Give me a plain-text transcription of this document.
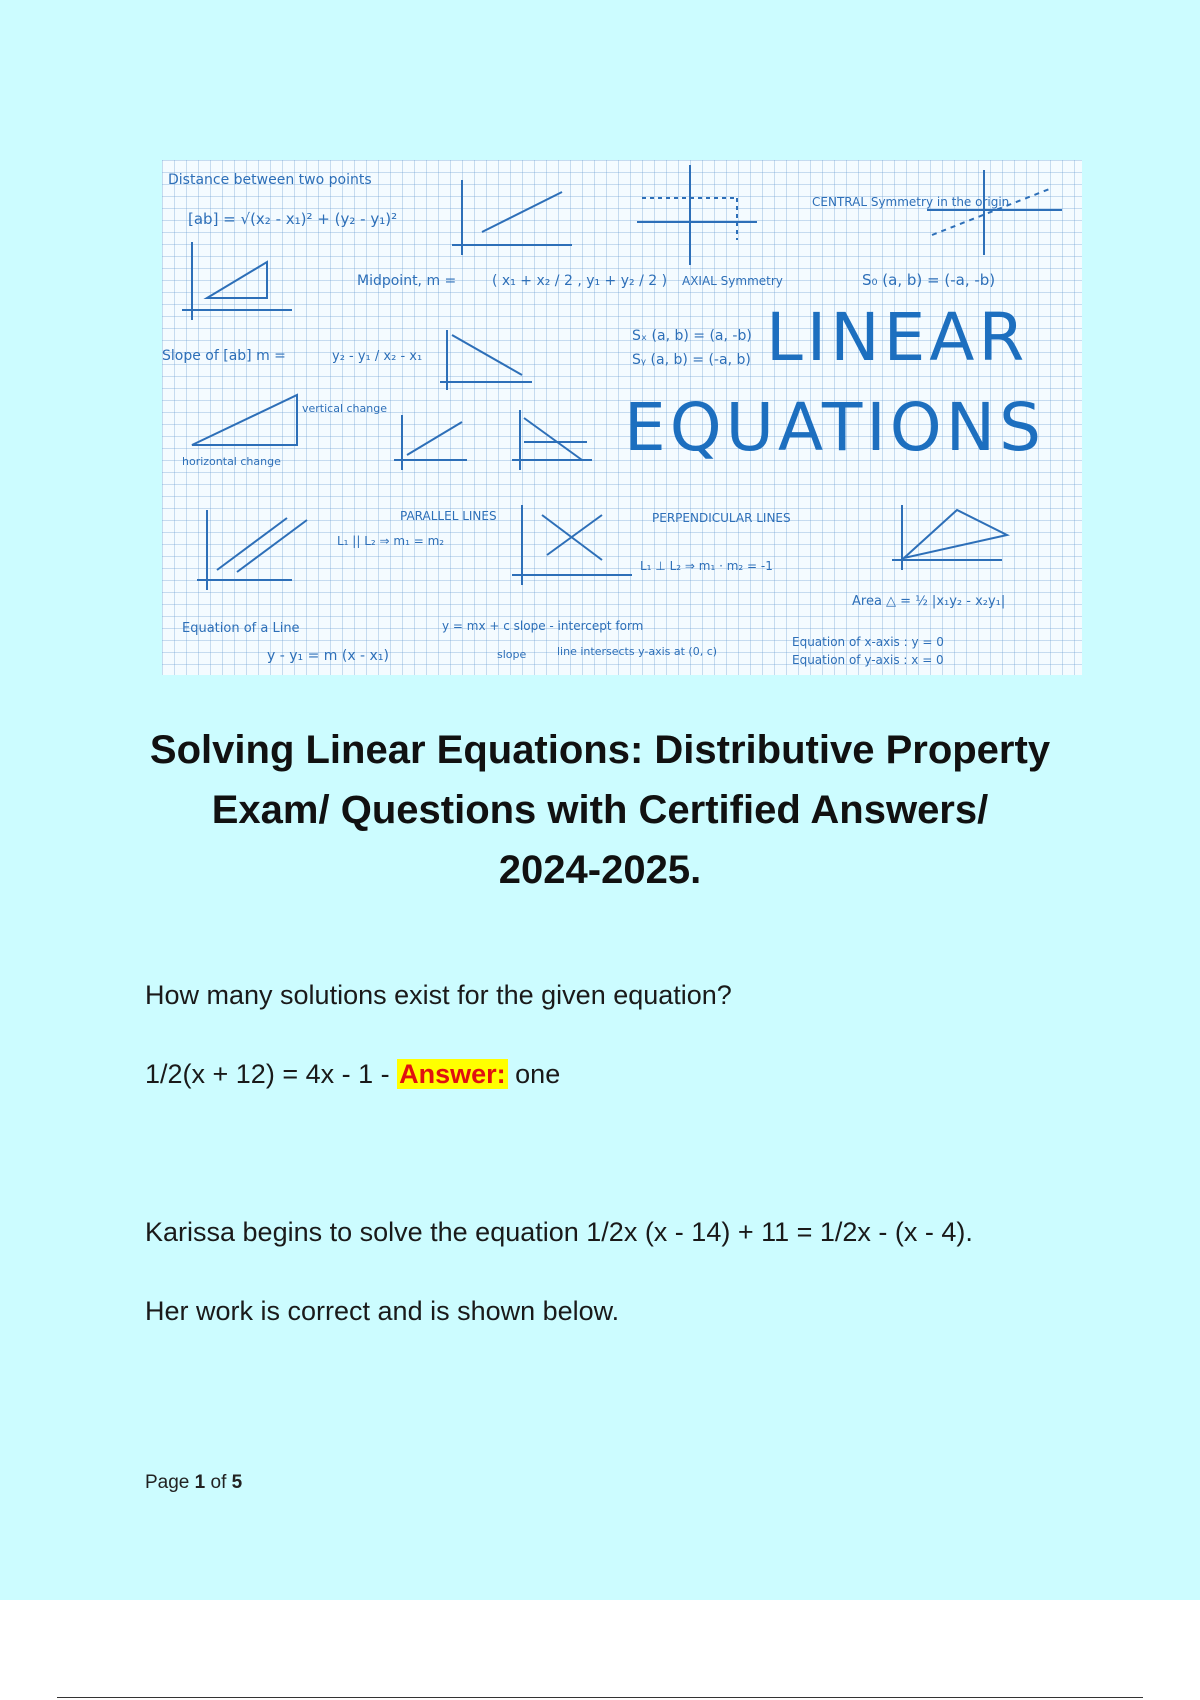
Distance between two points
[ab] = √(x₂ - x₁)² + (y₂ - y₁)²
CENTRAL Symmetry in the origin
Midpoint, m =	( x₁ + x₂ / 2 , y₁ + y₂ / 2 ) AXIAL Symmetry	S₀ (a, b) = (-a, -b)
Slope of [ab] m =	y₂ - y₁ / x₂ - x₁
Sₓ (a, b) = (a, -b)
Sᵧ (a, b) = (-a, b)
vertical change
horizontal change
LINEAR
EQUATIONS
L₁ || L₂ ⇒ m₁ = m₂
PARALLEL LINES	PERPENDICULAR LINES
L₁ ⊥ L₂ ⇒ m₁ · m₂ = -1
Area △ = ½ |x₁y₂ - x₂y₁|
Equation of a Line
y - y₁ = m (x - x₁)
y = mx + c slope - intercept form
slope	line intersects y-axis at (0, c)
Equation of x-axis : y = 0
Equation of y-axis : x = 0
Solving Linear Equations: Distributive Property
Exam/ Questions with Certified Answers/
2024-2025.
How many solutions exist for the given equation?
1/2(x + 12) = 4x - 1 - Answer: one
Karissa begins to solve the equation 1/2x (x - 14) + 11 = 1/2x - (x - 4).
Her work is correct and is shown below.
Page 1 of 5
